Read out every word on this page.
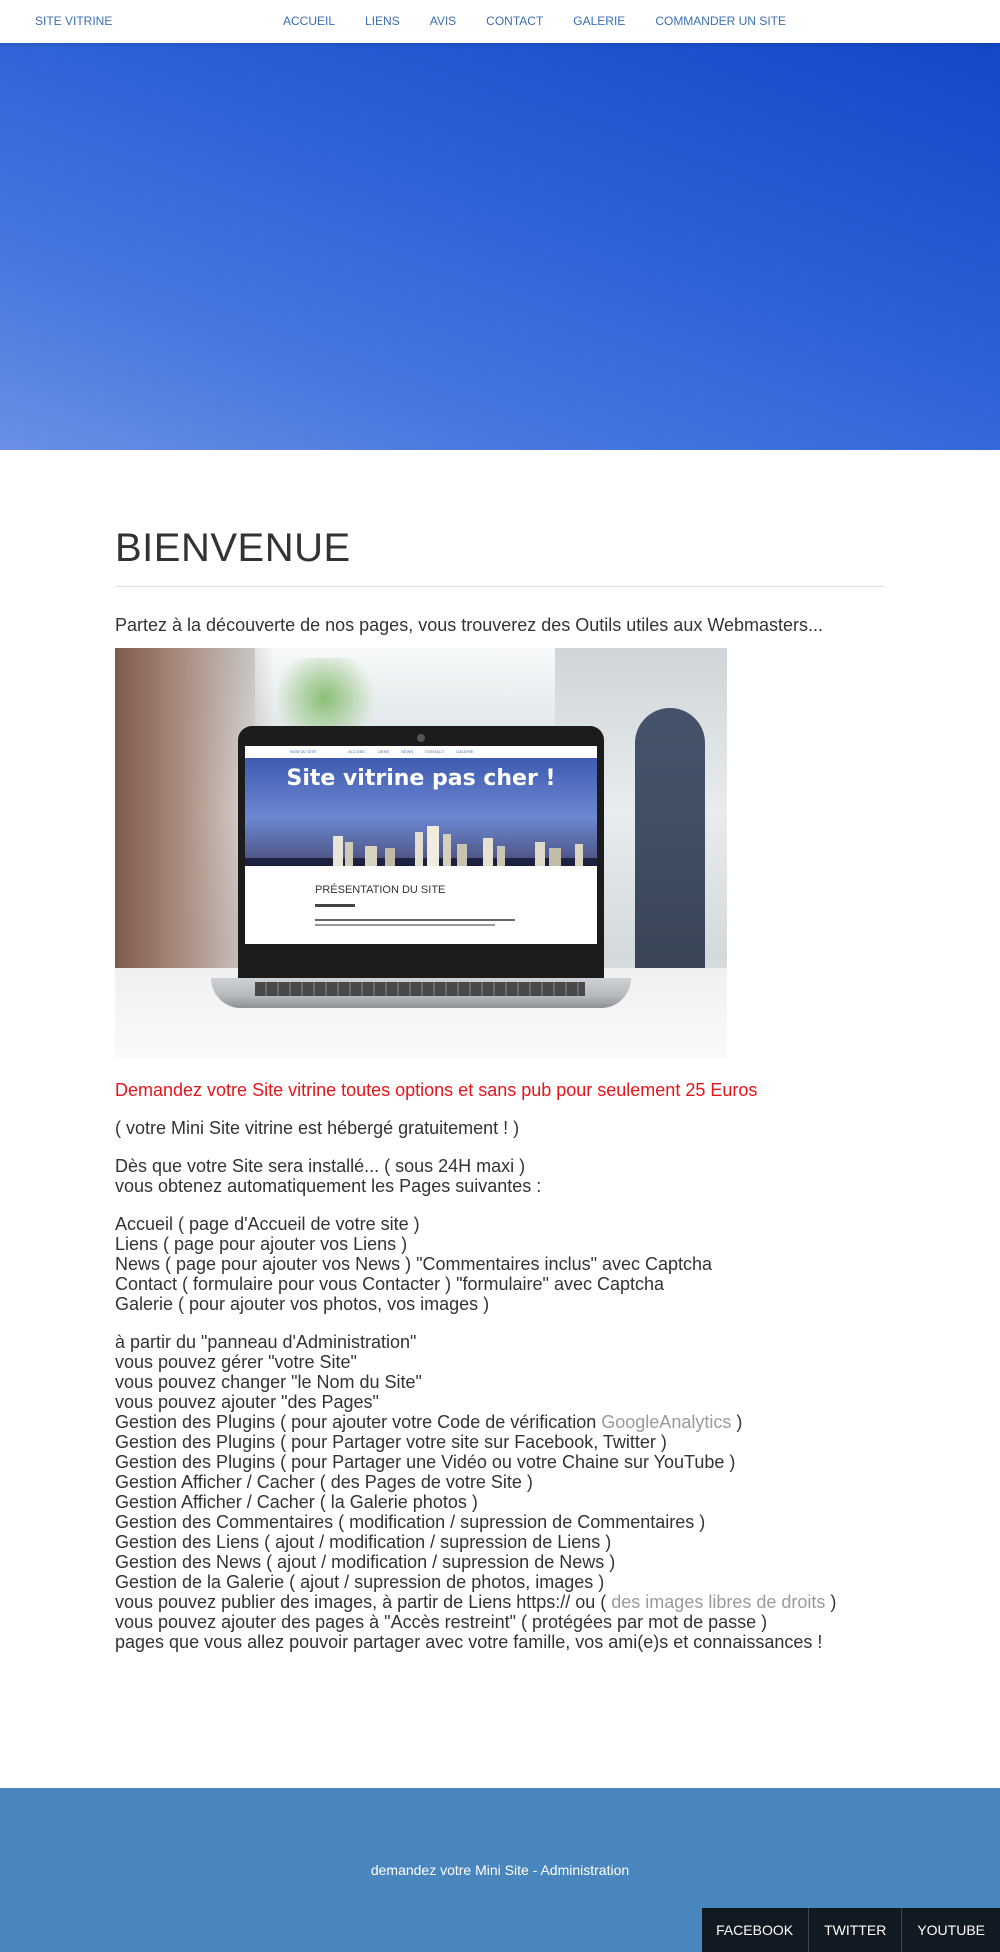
SITE VITRINE	ACCUEIL	LIENS	AVIS	CONTACT	GALERIE	COMMANDER UN SITE
BIENVENUE

Partez à la découverte de nos pages, vous trouverez des Outils utiles aux Webmasters...

NOM DU SITE	ACCUEIL	LIENS	NEWS	CONTACT	GALERIE
Site vitrine pas cher !
PRÉSENTATION DU SITE
Demandez votre Site vitrine toutes options et sans pub pour seulement 25 Euros
( votre Mini Site vitrine est hébergé gratuitement ! )
Dès que votre Site sera installé... ( sous 24H maxi )
vous obtenez automatiquement les Pages suivantes :
Accueil ( page d'Accueil de votre site )
Liens ( page pour ajouter vos Liens )
News ( page pour ajouter vos News ) "Commentaires inclus" avec Captcha
Contact ( formulaire pour vous Contacter ) "formulaire" avec Captcha
Galerie ( pour ajouter vos photos, vos images )
à partir du "panneau d'Administration"
vous pouvez gérer "votre Site"
vous pouvez changer "le Nom du Site"
vous pouvez ajouter "des Pages"
Gestion des Plugins ( pour ajouter votre Code de vérification GoogleAnalytics )
Gestion des Plugins ( pour Partager votre site sur Facebook, Twitter )
Gestion des Plugins ( pour Partager une Vidéo ou votre Chaine sur YouTube )
Gestion Afficher / Cacher ( des Pages de votre Site )
Gestion Afficher / Cacher ( la Galerie photos )
Gestion des Commentaires ( modification / supression de Commentaires )
Gestion des Liens ( ajout / modification / supression de Liens )
Gestion des News ( ajout / modification / supression de News )
Gestion de la Galerie ( ajout / supression de photos, images )
vous pouvez publier des images, à partir de Liens https:// ou ( des images libres de droits )
vous pouvez ajouter des pages à "Accès restreint" ( protégées par mot de passe )
pages que vous allez pouvoir partager avec votre famille, vos ami(e)s et connaissances !
demandez votre Mini Site - Administration
FACEBOOK	TWITTER	YOUTUBE
